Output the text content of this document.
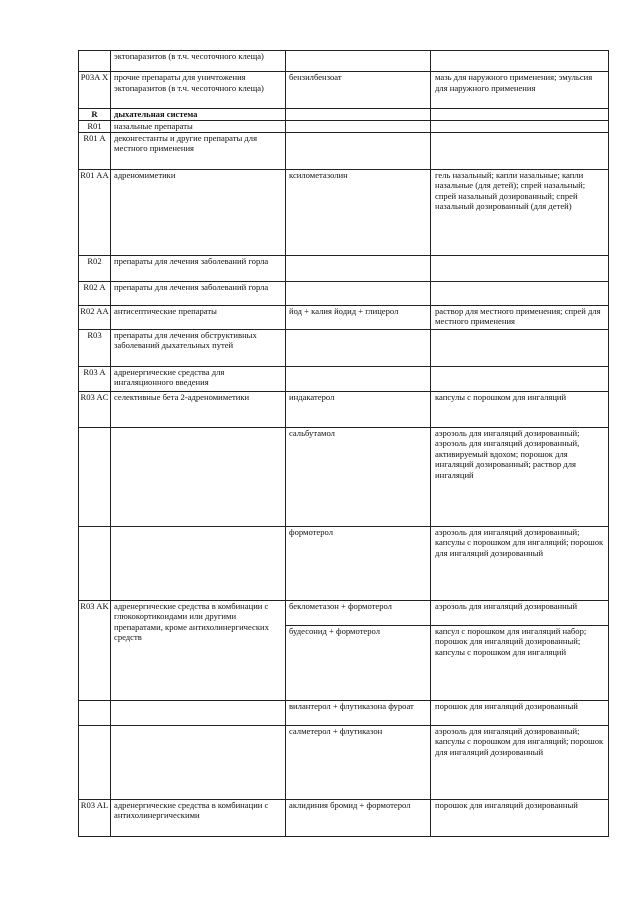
	эктопаразитов (в т.ч. чесоточного клеща)		
P03A X	прочие препараты для уничтожения эктопаразитов (в т.ч. чесоточного клеща)	бензилбензоат	мазь для наружного применения; эмульсия для наружного применения
R	дыхательная система		
R01	назальные препараты		
R01 A	деконгестанты и другие препараты для местного применения		
R01 AA	адреномиметики	ксилометазолин	гель назальный; капли назальные; капли назальные (для детей); спрей назальный; спрей назальный дозированный; спрей назальный дозированный (для детей)
R02	препараты для лечения заболеваний горла		
R02 A	препараты для лечения заболеваний горла		
R02 AA	антисептические препараты	йод + калия йодид + глицерол	раствор для местного применения; спрей для местного применения
R03	препараты для лечения обструктивных заболеваний дыхательных путей		
R03 A	адренергические средства для ингаляционного введения		
R03 AC	селективные бета 2-адреномиметики	индакатерол	капсулы с порошком для ингаляций
		сальбутамол	аэрозоль для ингаляций дозированный; аэрозоль для ингаляций дозированный, активируемый вдохом; порошок для ингаляций дозированный; раствор для ингаляций
		формотерол	аэрозоль для ингаляций дозированный; капсулы с порошком для ингаляций; порошок для ингаляций дозированный
R03 AK	адренергические средства в комбинации с глюкокортикоидами или другими препаратами, кроме антихолинергических средств	беклометазон + формотерол	аэрозоль для ингаляций дозированный
		будесонид + формотерол	капсул с порошком для ингаляций набор; порошок для ингаляций дозированный; капсулы с порошком для ингаляций
		вилантерол + флутиказона фуроат	порошок для ингаляций дозированный
		салметерол + флутиказон	аэрозоль для ингаляций дозированный; капсулы с порошком для ингаляций; порошок для ингаляций дозированный
R03 AL	адренергические средства в комбинации с антихолинергическими	аклидиния бромид + формотерол	порошок для ингаляций дозированный
